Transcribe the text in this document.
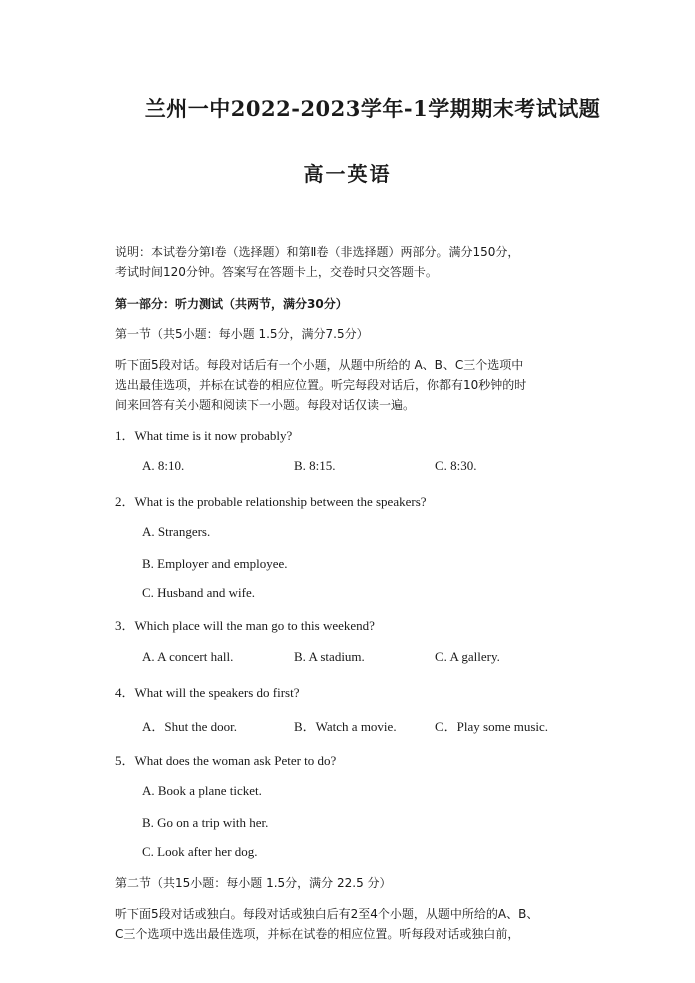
兰州一中2022-2023学年-1学期期末考试试题
高一英语
说明：本试卷分第Ⅰ卷（选择题）和第Ⅱ卷（非选择题）两部分。满分150分，
考试时间120分钟。答案写在答题卡上，交卷时只交答题卡。
第一部分：听力测试（共两节，满分30分）
第一节（共5小题：每小题 1.5分，满分7.5分）
听下面5段对话。每段对话后有一个小题，从题中所给的 A、B、C三个选项中
选出最佳选项，并标在试卷的相应位置。听完每段对话后，你都有10秒钟的时
间来回答有关小题和阅读下一小题。每段对话仅读一遍。
1．What time is it now probably?
A. 8:10.	B. 8:15.	C. 8:30.
2．What is the probable relationship between the speakers?
A. Strangers.
B. Employer and employee.
C. Husband and wife.
3．Which place will the man go to this weekend?
A. A concert hall.	B. A stadium.	C. A gallery.
4．What will the speakers do first?
A．Shut the door.	B．Watch a movie.	C．Play some music.
5．What does the woman ask Peter to do?
A. Book a plane ticket.
B. Go on a trip with her.
C. Look after her dog.
第二节（共15小题：每小题 1.5分，满分 22.5 分）
听下面5段对话或独白。每段对话或独白后有2至4个小题，从题中所给的A、B、
C三个选项中选出最佳选项，并标在试卷的相应位置。听每段对话或独白前，
